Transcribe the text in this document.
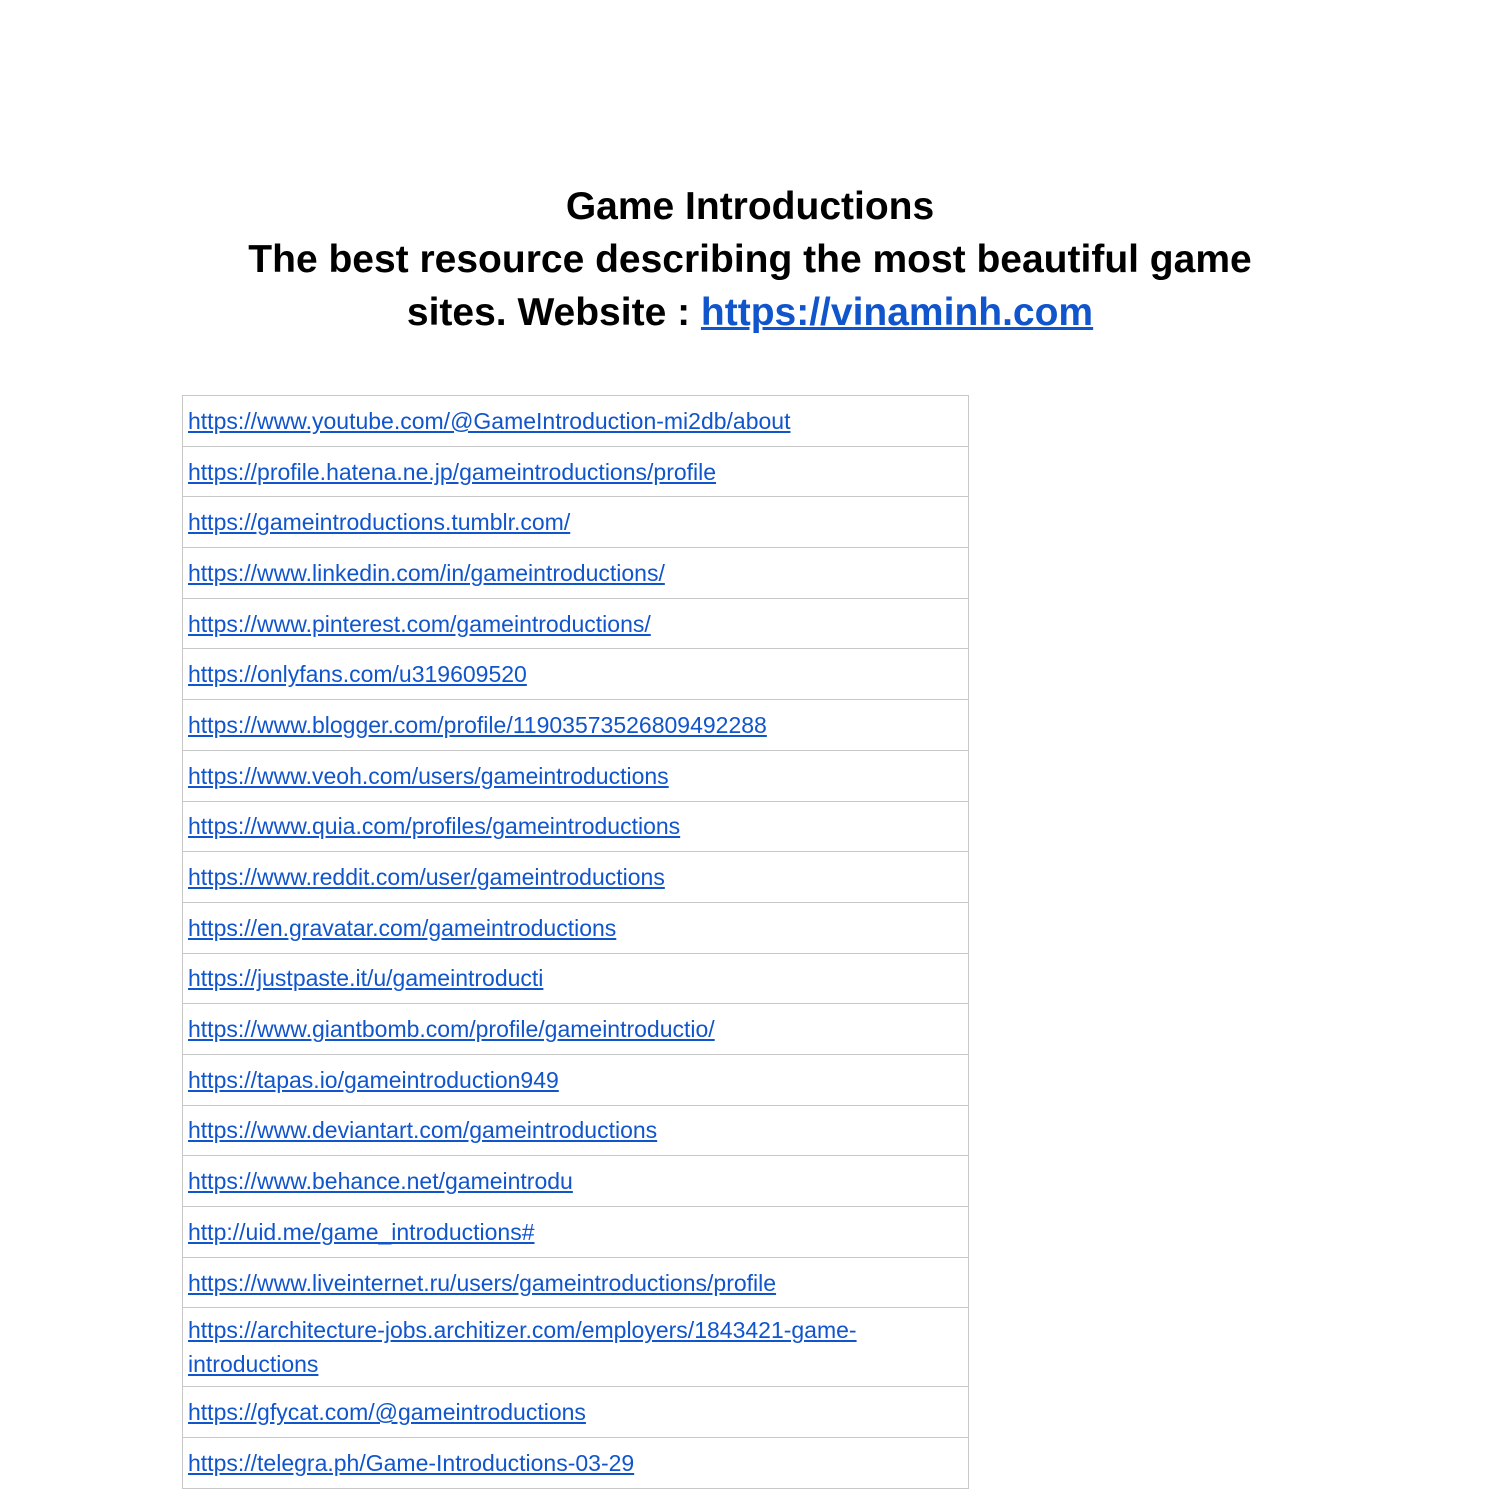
Game Introductions
The best resource describing the most beautiful game sites. Website : https://vinaminh.com
https://www.youtube.com/@GameIntroduction-mi2db/about
https://profile.hatena.ne.jp/gameintroductions/profile
https://gameintroductions.tumblr.com/
https://www.linkedin.com/in/gameintroductions/
https://www.pinterest.com/gameintroductions/
https://onlyfans.com/u319609520
https://www.blogger.com/profile/11903573526809492288
https://www.veoh.com/users/gameintroductions
https://www.quia.com/profiles/gameintroductions
https://www.reddit.com/user/gameintroductions
https://en.gravatar.com/gameintroductions
https://justpaste.it/u/gameintroducti
https://www.giantbomb.com/profile/gameintroductio/
https://tapas.io/gameintroduction949
https://www.deviantart.com/gameintroductions
https://www.behance.net/gameintrodu
http://uid.me/game_introductions#
https://www.liveinternet.ru/users/gameintroductions/profile
https://architecture-jobs.architizer.com/employers/1843421-game-introductions
https://gfycat.com/@gameintroductions
https://telegra.ph/Game-Introductions-03-29
